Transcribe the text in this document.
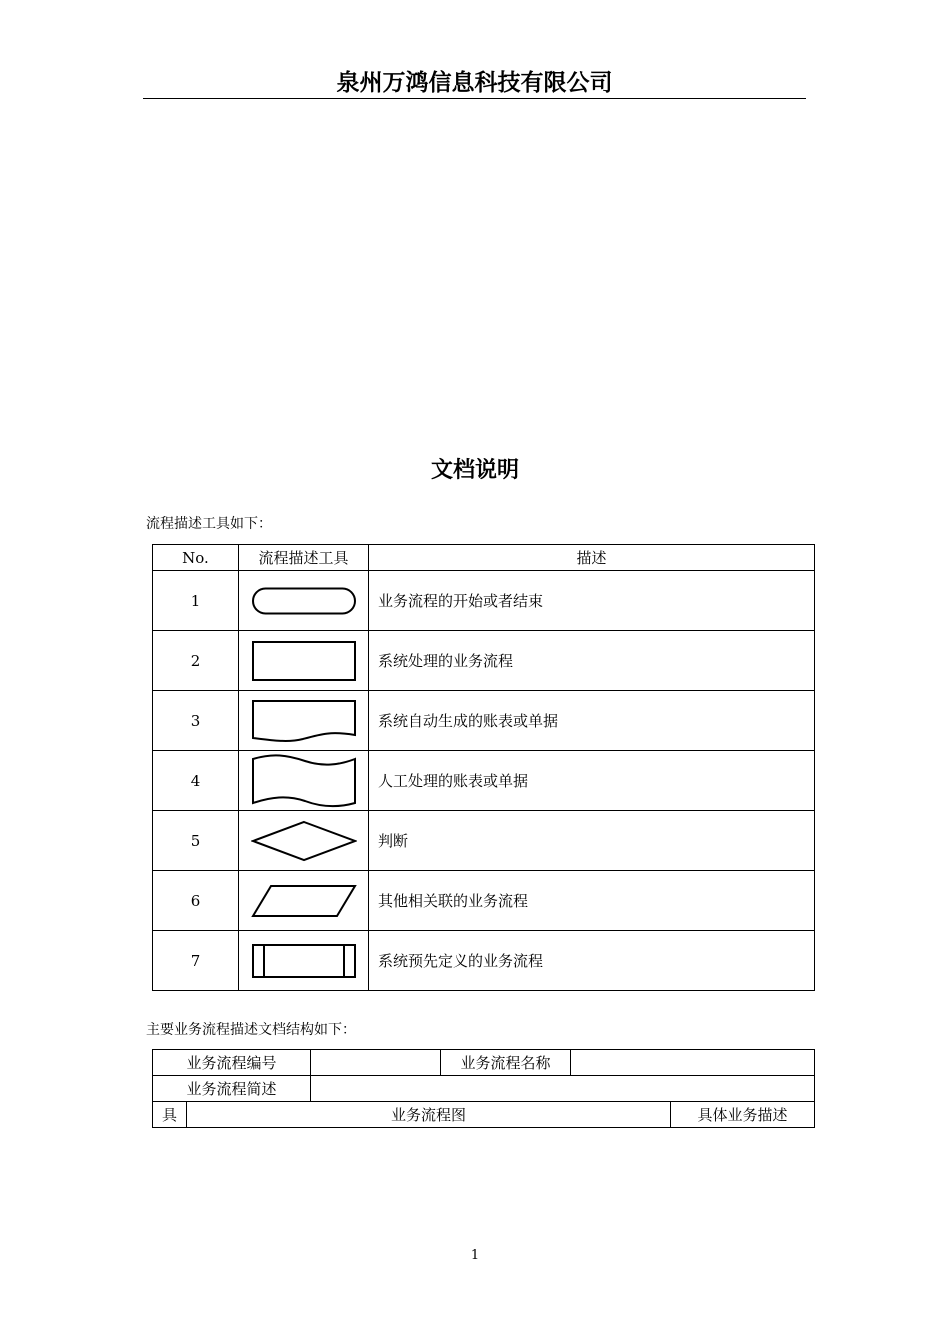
泉州万鸿信息科技有限公司
文档说明
流程描述工具如下：
No.	流程描述工具	描述
1		业务流程的开始或者结束
2		系统处理的业务流程
3		系统自动生成的账表或单据
4		人工处理的账表或单据
5		判断
6		其他相关联的业务流程
7		系统预先定义的业务流程
主要业务流程描述文档结构如下：
业务流程编号			业务流程名称		
业务流程简述					
具	业务流程图				具体业务描述
1
